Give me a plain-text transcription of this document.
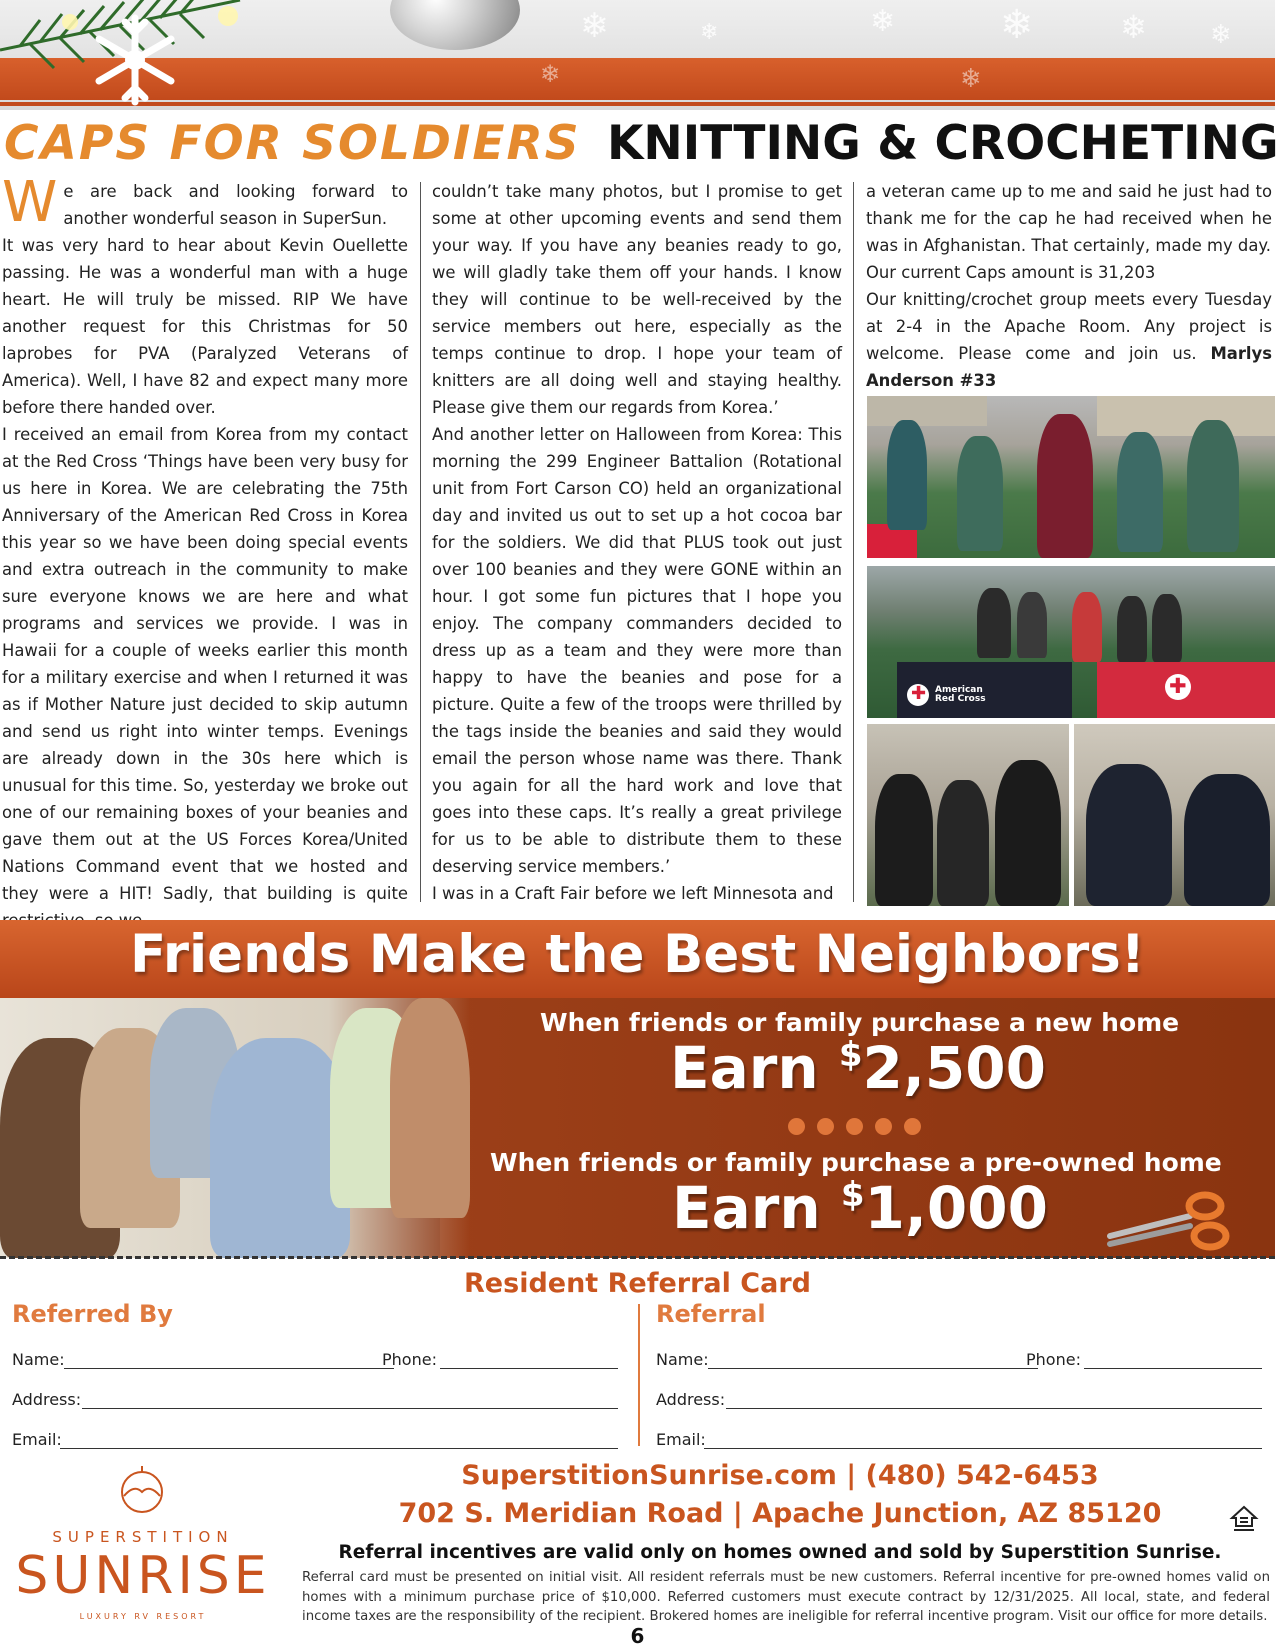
❄	❄	❄	❄	❄ ❄
❄	❄
CAPS FOR SOLDIERS KNITTING & CROCHETING

We are back and looking forward to another wonderful season in SuperSun.

It was very hard to hear about Kevin Ouellette passing. He was a wonderful man with a huge heart. He will truly be missed. RIP We have another request for this Christmas for 50 laprobes for PVA (Paralyzed Veterans of America). Well, I have 82 and expect many more before there handed over.

I received an email from Korea from my contact at the Red Cross ‘Things have been very busy for us here in Korea. We are celebrating the 75th Anniversary of the American Red Cross in Korea this year so we have been doing special events and extra outreach in the community to make sure everyone knows we are here and what programs and services we provide. I was in Hawaii for a couple of weeks earlier this month for a military exercise and when I returned it was as if Mother Nature just decided to skip autumn and send us right into winter temps. Evenings are already down in the 30s here which is unusual for this time. So, yesterday we broke out one of our remaining boxes of your beanies and gave them out at the US Forces Korea/United Nations Command event that we hosted and they were a HIT! Sadly, that building is quite

couldn’t take many photos, but I promise to get some at other upcoming events and send them your way. If you have any beanies ready to go, we will gladly take them off your hands. I know they will continue to be well-received by the service members out here, especially as the temps continue to drop. I hope your team of knitters are all doing well and staying healthy. Please give them our regards from Korea.’

And another letter on Halloween from Korea: This morning the 299 Engineer Battalion (Rotational unit from Fort Carson CO) held an organizational day and invited us out to set up a hot cocoa bar for the soldiers. We did that PLUS took out just over 100 beanies and they were GONE within an hour. I got some fun pictures that I hope you enjoy. The company commanders decided to dress up as a team and they were more than happy to have the beanies and pose for a picture. Quite a few of the troops were thrilled by the tags inside the beanies and said they would email the person whose name was there. Thank you again for all the hard work and love that goes into these caps. It’s really a great privilege for us to be able to distribute them to these deserving service members.’

I was in a Craft Fair before we left Minnesota and

a veteran came up to me and said he just had to thank me for the cap he had received when he was in Afghanistan. That certainly, made my day.

Our current Caps amount is 31,203

Our knitting/crochet group meets every Tuesday at 2-4 in the Apache Room. Any project is welcome. Please come and join us. Marlys Anderson #33

✚ American Red Cross
✚
Friends Make the Best Neighbors!
When friends or family purchase a new home
Earn $2,500
When friends or family purchase a pre-owned home
Earn $1,000
Resident Referral Card
Referred By	Referral
Name:	Phone:
Address:
Email:
Name:	Phone:
Address:
Email:
SUPERSTITION
SUNRISE
LUXURY RV RESORT
SuperstitionSunrise.com | (480) 542-6453
702 S. Meridian Road | Apache Junction, AZ 85120
Referral incentives are valid only on homes owned and sold by Superstition Sunrise.
Referral card must be presented on initial visit. All resident referrals must be new customers. Referral incentive for pre-owned homes valid on homes with a minimum purchase price of $10,000. Referred customers must execute contract by 12/31/2025. All local, state, and federal income taxes are the responsibility of the recipient. Brokered homes are ineligible for referral incentive program. Visit our office for more details.
6
